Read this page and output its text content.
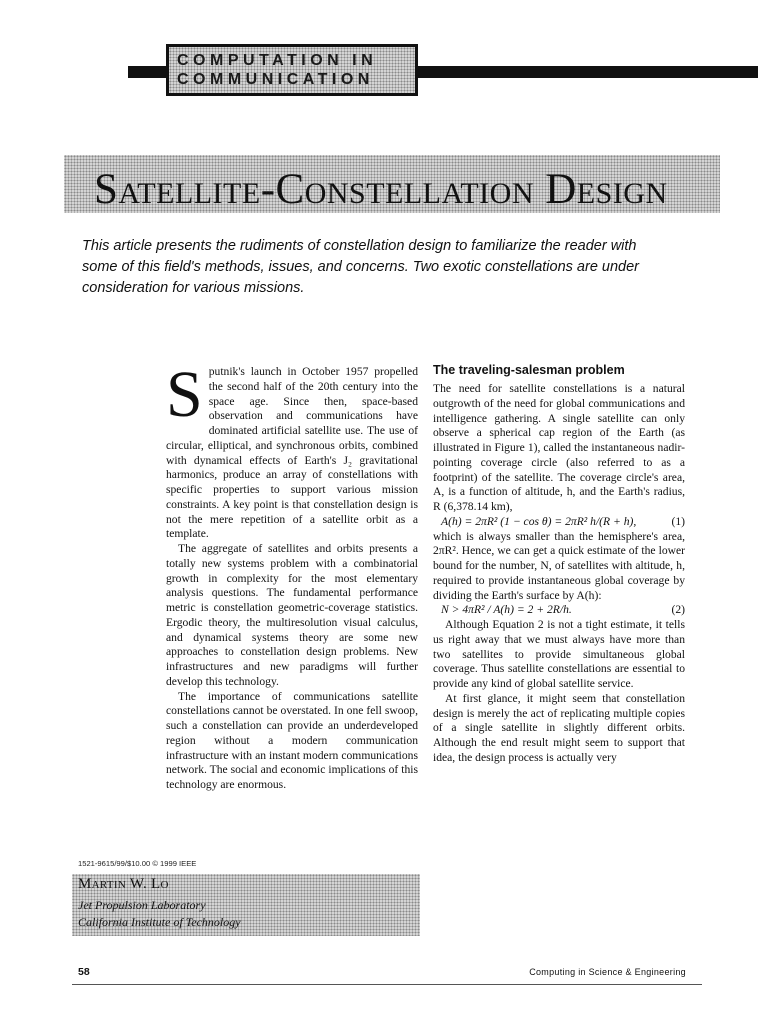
COMPUTATION IN
COMMUNICATION
Satellite-Constellation Design

This article presents the rudiments of constellation design to familiarize the reader with some of this field's methods, issues, and concerns. Two exotic constellations are under consideration for various missions.

Sputnik's launch in October 1957 propelled the second half of the 20th century into the space age. Since then, space-based observation and communications have dominated artificial satellite use. The use of circular, elliptical, and synchronous orbits, combined with dynamical effects of Earth's J₂ gravitational harmonics, produce an array of constellations with specific properties to support various mission constraints. A key point is that constellation design is not the mere repetition of a satellite orbit as a template.

The aggregate of satellites and orbits presents a totally new systems problem with a combinatorial growth in complexity for the most elementary analysis questions. The fundamental performance metric is constellation geometric-coverage statistics. Ergodic theory, the multiresolution visual calculus, and dynamical systems theory are some new approaches to constellation design problems. New infrastructures and new paradigms will further develop this technology.

The importance of communications satellite constellations cannot be overstated. In one fell swoop, such a constellation can provide an underdeveloped region without a modern communication infrastructure with an instant modern communications network. The social and economic implications of this technology are enormous.

The traveling-salesman problem

The need for satellite constellations is a natural outgrowth of the need for global communications and intelligence gathering. A single satellite can only observe a spherical cap region of the Earth (as illustrated in Figure 1), called the instantaneous nadir-pointing coverage circle (also referred to as a footprint) of the satellite. The coverage circle's area, A, is a function of altitude, h, and the Earth's radius, R (6,378.14 km),

A(h) = 2πR² (1 − cos θ) = 2πR² h/(R + h),	(1)

which is always smaller than the hemisphere's area, 2πR². Hence, we can get a quick estimate of the lower bound for the number, N, of satellites with altitude, h, required to provide instantaneous global coverage by dividing the Earth's surface by A(h):

N > 4πR² / A(h) = 2 + 2R/h.	(2)

Although Equation 2 is not a tight estimate, it tells us right away that we must always have more than two satellites to provide simultaneous global coverage. Thus satellite constellations are essential to provide any kind of global satellite service.

At first glance, it might seem that constellation design is merely the act of replicating multiple copies of a single satellite in slightly different orbits. Although the end result might seem to support that idea, the design process is actually very

1521-9615/99/$10.00 © 1999 IEEE

Martin W. Lo

Jet Propulsion Laboratory

California Institute of Technology

58	Computing in Science & Engineering
